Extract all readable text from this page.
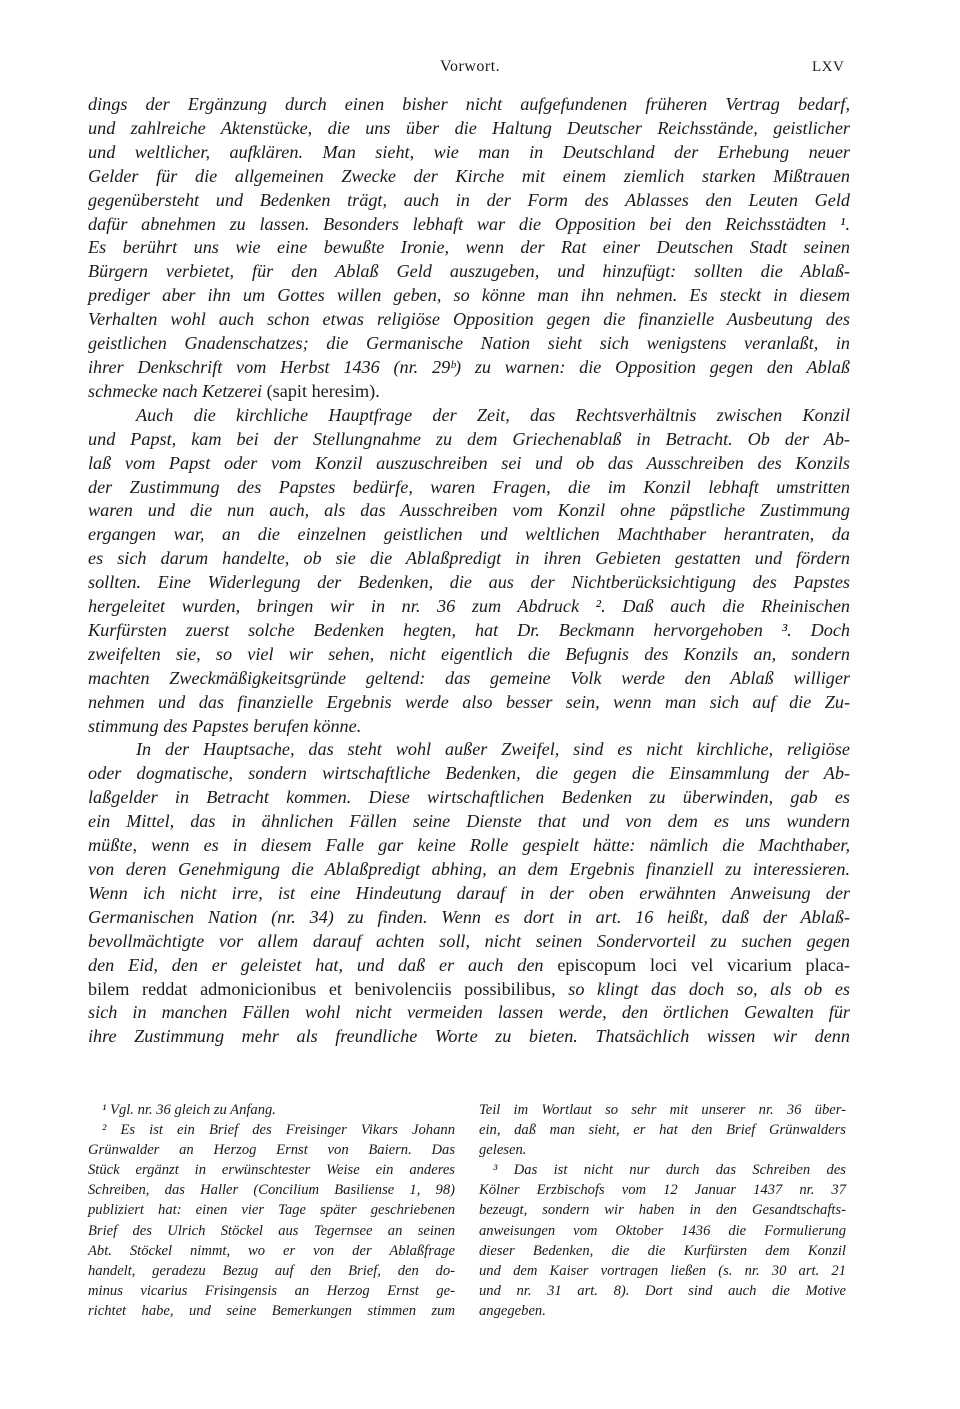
Vorwort.	LXV
dings der Ergänzung durch einen bisher nicht aufgefundenen früheren Vertrag bedarf,
und zahlreiche Aktenstücke, die uns über die Haltung Deutscher Reichsstände, geistlicher
und weltlicher, aufklären. Man sieht, wie man in Deutschland der Erhebung neuer
Gelder für die allgemeinen Zwecke der Kirche mit einem ziemlich starken Mißtrauen
gegenübersteht und Bedenken trägt, auch in der Form des Ablasses den Leuten Geld
dafür abnehmen zu lassen. Besonders lebhaft war die Opposition bei den Reichsstädten ¹.
Es berührt uns wie eine bewußte Ironie, wenn der Rat einer Deutschen Stadt seinen
Bürgern verbietet, für den Ablaß Geld auszugeben, und hinzufügt: sollten die Ablaß-
prediger aber ihn um Gottes willen geben, so könne man ihn nehmen. Es steckt in diesem
Verhalten wohl auch schon etwas religiöse Opposition gegen die finanzielle Ausbeutung des
geistlichen Gnadenschatzes; die Germanische Nation sieht sich wenigstens veranlaßt, in
ihrer Denkschrift vom Herbst 1436 (nr. 29ᵇ) zu warnen: die Opposition gegen den Ablaß
schmecke nach Ketzerei (sapit heresim).
Auch die kirchliche Hauptfrage der Zeit, das Rechtsverhältnis zwischen Konzil
und Papst, kam bei der Stellungnahme zu dem Griechenablaß in Betracht. Ob der Ab-
laß vom Papst oder vom Konzil auszuschreiben sei und ob das Ausschreiben des Konzils
der Zustimmung des Papstes bedürfe, waren Fragen, die im Konzil lebhaft umstritten
waren und die nun auch, als das Ausschreiben vom Konzil ohne päpstliche Zustimmung
ergangen war, an die einzelnen geistlichen und weltlichen Machthaber herantraten, da
es sich darum handelte, ob sie die Ablaßpredigt in ihren Gebieten gestatten und fördern
sollten. Eine Widerlegung der Bedenken, die aus der Nichtberücksichtigung des Papstes
hergeleitet wurden, bringen wir in nr. 36 zum Abdruck ². Daß auch die Rheinischen
Kurfürsten zuerst solche Bedenken hegten, hat Dr. Beckmann hervorgehoben ³. Doch
zweifelten sie, so viel wir sehen, nicht eigentlich die Befugnis des Konzils an, sondern
machten Zweckmäßigkeitsgründe geltend: das gemeine Volk werde den Ablaß williger
nehmen und das finanzielle Ergebnis werde also besser sein, wenn man sich auf die Zu-
stimmung des Papstes berufen könne.
In der Hauptsache, das steht wohl außer Zweifel, sind es nicht kirchliche, religiöse
oder dogmatische, sondern wirtschaftliche Bedenken, die gegen die Einsammlung der Ab-
laßgelder in Betracht kommen. Diese wirtschaftlichen Bedenken zu überwinden, gab es
ein Mittel, das in ähnlichen Fällen seine Dienste that und von dem es uns wundern
müßte, wenn es in diesem Falle gar keine Rolle gespielt hätte: nämlich die Machthaber,
von deren Genehmigung die Ablaßpredigt abhing, an dem Ergebnis finanziell zu interessieren.
Wenn ich nicht irre, ist eine Hindeutung darauf in der oben erwähnten Anweisung der
Germanischen Nation (nr. 34) zu finden. Wenn es dort in art. 16 heißt, daß der Ablaß-
bevollmächtigte vor allem darauf achten soll, nicht seinen Sondervorteil zu suchen gegen
den Eid, den er geleistet hat, und daß er auch den episcopum loci vel vicarium placa-
bilem reddat admonicionibus et benivolenciis possibilibus, so klingt das doch so, als ob es
sich in manchen Fällen wohl nicht vermeiden lassen werde, den örtlichen Gewalten für
ihre Zustimmung mehr als freundliche Worte zu bieten. Thatsächlich wissen wir denn
¹ Vgl. nr. 36 gleich zu Anfang.
² Es ist ein Brief des Freisinger Vikars Johann
Grünwalder an Herzog Ernst von Baiern. Das
Stück ergänzt in erwünschtester Weise ein anderes
Schreiben, das Haller (Concilium Basiliense 1, 98)
publiziert hat: einen vier Tage später geschriebenen
Brief des Ulrich Stöckel aus Tegernsee an seinen
Abt. Stöckel nimmt, wo er von der Ablaßfrage
handelt, geradezu Bezug auf den Brief, den do-
minus vicarius Frisingensis an Herzog Ernst ge-
richtet habe, und seine Bemerkungen stimmen zum
Teil im Wortlaut so sehr mit unserer nr. 36 über-
ein, daß man sieht, er hat den Brief Grünwalders
gelesen.
³ Das ist nicht nur durch das Schreiben des
Kölner Erzbischofs vom 12 Januar 1437 nr. 37
bezeugt, sondern wir haben in den Gesandtschafts-
anweisungen vom Oktober 1436 die Formulierung
dieser Bedenken, die die Kurfürsten dem Konzil
und dem Kaiser vortragen ließen (s. nr. 30 art. 21
und nr. 31 art. 8). Dort sind auch die Motive
angegeben.
